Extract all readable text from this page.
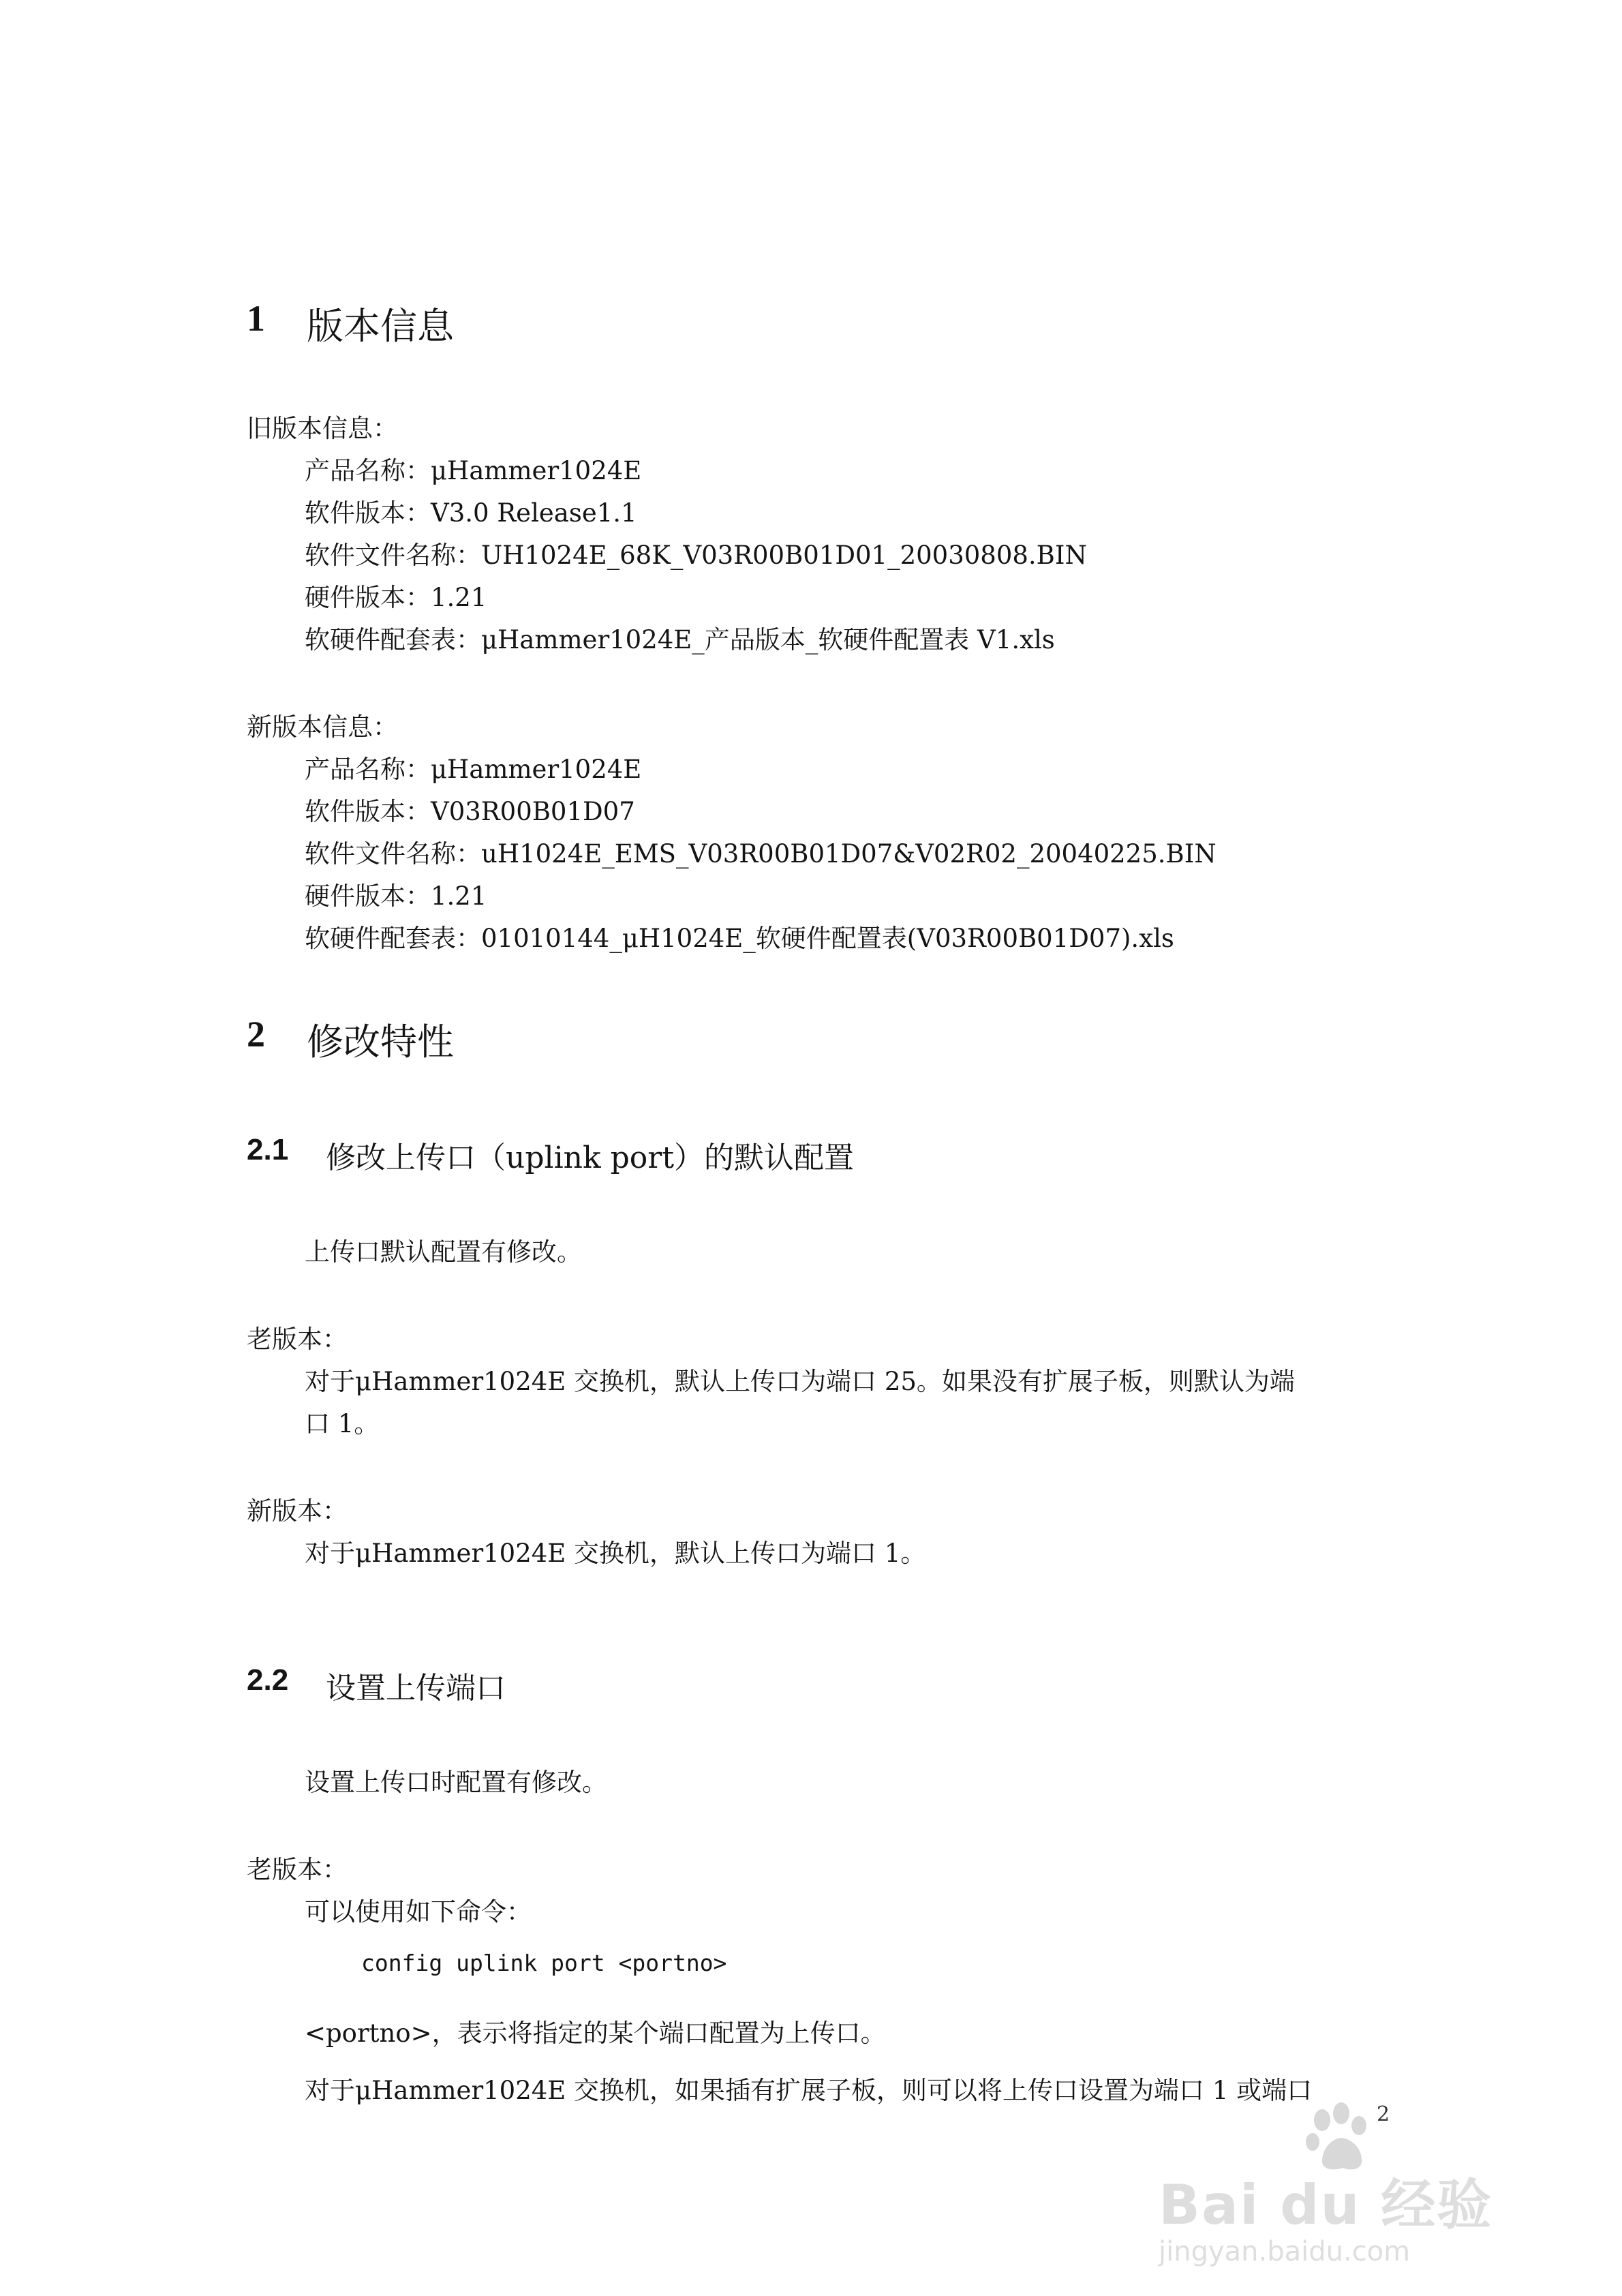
1 版本信息
旧版本信息：
产品名称：μHammer1024E
软件版本：V3.0 Release1.1
软件文件名称：UH1024E_68K_V03R00B01D01_20030808.BIN
硬件版本：1.21
软硬件配套表：μHammer1024E_产品版本_软硬件配置表 V1.xls
新版本信息：
产品名称：μHammer1024E
软件版本：V03R00B01D07
软件文件名称：uH1024E_EMS_V03R00B01D07&V02R02_20040225.BIN
硬件版本：1.21
软硬件配套表：01010144_μH1024E_软硬件配置表(V03R00B01D07).xls
2 修改特性
2.1 修改上传口（uplink port）的默认配置
上传口默认配置有修改。
老版本：
对于μHammer1024E 交换机，默认上传口为端口 25。如果没有扩展子板，则默认为端
口 1。
新版本：
对于μHammer1024E 交换机，默认上传口为端口 1。
2.2 设置上传端口
设置上传口时配置有修改。
老版本：
可以使用如下命令：
config uplink port <portno>
<portno>，表示将指定的某个端口配置为上传口。
对于μHammer1024E 交换机，如果插有扩展子板，则可以将上传口设置为端口 1 或端口
2
Bai du 经验
jingyan.baidu.com
